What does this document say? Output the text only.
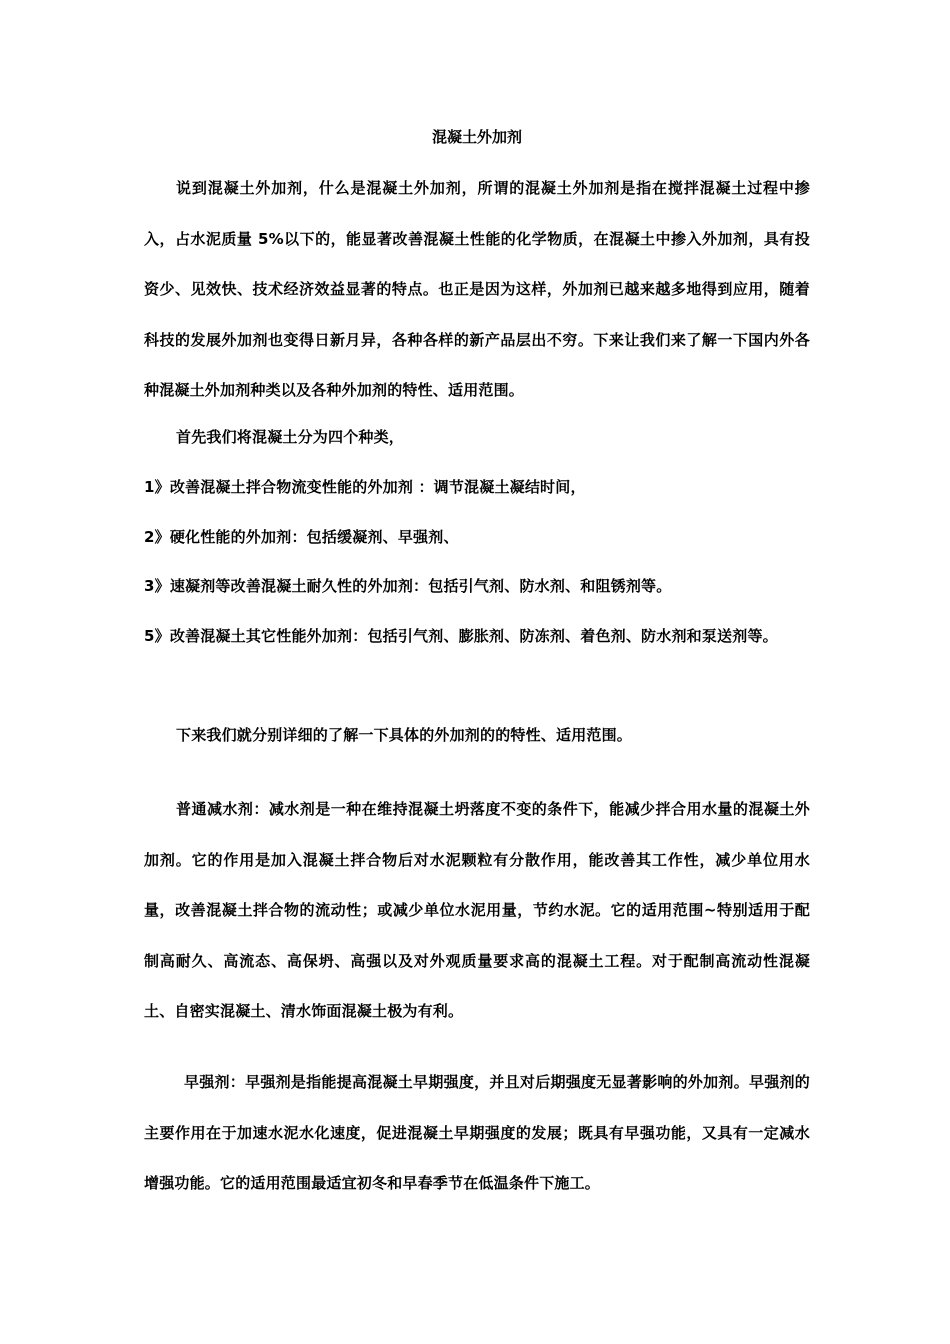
混凝土外加剂

说到混凝土外加剂，什么是混凝土外加剂，所谓的混凝土外加剂是指在搅拌混凝土过程中掺入，占水泥质量 5%以下的，能显著改善混凝土性能的化学物质，在混凝土中掺入外加剂，具有投资少、见效快、技术经济效益显著的特点。也正是因为这样，外加剂已越来越多地得到应用，随着科技的发展外加剂也变得日新月异，各种各样的新产品层出不穷。下来让我们来了解一下国内外各种混凝土外加剂种类以及各种外加剂的特性、适用范围。

首先我们将混凝土分为四个种类，
1》改善混凝土拌合物流变性能的外加剂 ：调节混凝土凝结时间，
2》硬化性能的外加剂：包括缓凝剂、早强剂、
3》速凝剂等改善混凝土耐久性的外加剂：包括引气剂、防水剂、和阻锈剂等。

5》改善混凝土其它性能外加剂：包括引气剂、膨胀剂、防冻剂、着色剂、防水剂和泵送剂等。

下来我们就分别详细的了解一下具体的外加剂的的特性、适用范围。

普通减水剂：减水剂是一种在维持混凝土坍落度不变的条件下，能减少拌合用水量的混凝土外加剂。它的作用是加入混凝土拌合物后对水泥颗粒有分散作用，能改善其工作性，减少单位用水量，改善混凝土拌合物的流动性；或减少单位水泥用量，节约水泥。它的适用范围~特别适用于配制高耐久、高流态、高保坍、高强以及对外观质量要求高的混凝土工程。对于配制高流动性混凝土、自密实混凝土、清水饰面混凝土极为有利。

早强剂：早强剂是指能提高混凝土早期强度，并且对后期强度无显著影响的外加剂。早强剂的主要作用在于加速水泥水化速度，促进混凝土早期强度的发展；既具有早强功能，又具有一定减水增强功能。它的适用范围最适宜初冬和早春季节在低温条件下施工。
